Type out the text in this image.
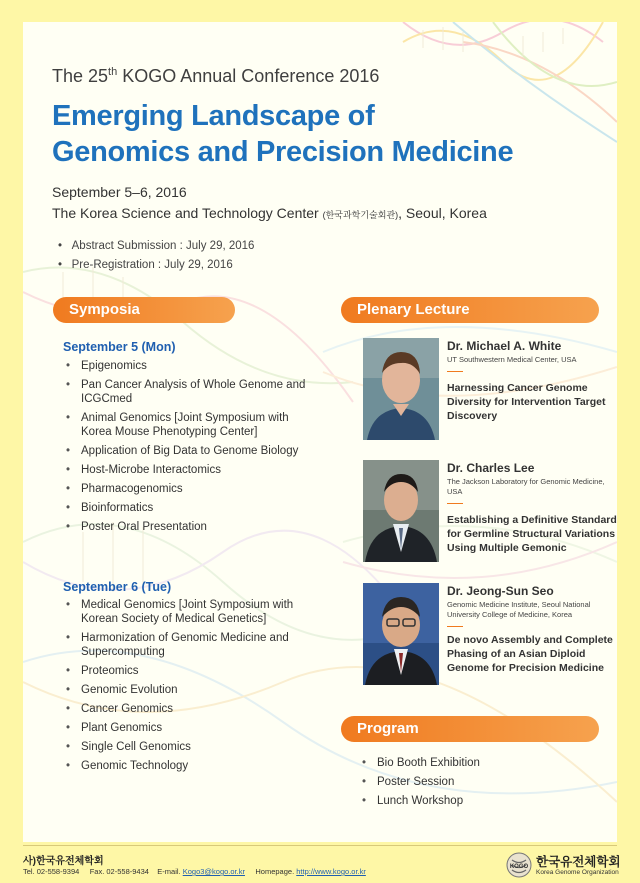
The 25th KOGO Annual Conference 2016
Emerging Landscape of
Genomics and Precision Medicine
September 5–6, 2016
The Korea Science and Technology Center (한국과학기술회관), Seoul, Korea
•   Abstract Submission : July 29, 2016
•   Pre-Registration : July 29, 2016
Symposia
September 5 (Mon)
• Epigenomics
• Pan Cancer Analysis of Whole Genome and ICGCmed
• Animal Genomics [Joint Symposium with Korea Mouse Phenotyping Center]
• Application of Big Data to Genome Biology
• Host-Microbe Interactomics
• Pharmacogenomics
• Bioinformatics
• Poster Oral Presentation
September 6 (Tue)
• Medical Genomics [Joint Symposium with Korean Society of Medical Genetics]
• Harmonization of Genomic Medicine and Supercomputing
• Proteomics
• Genomic Evolution
• Cancer Genomics
• Plant Genomics
• Single Cell Genomics
• Genomic Technology
Plenary Lecture
Dr. Michael A. White
UT Southwestern Medical Center, USA
Harnessing Cancer Genome Diversity for Intervention Target Discovery
Dr. Charles Lee
The Jackson Laboratory for Genomic Medicine, USA
Establishing a Definitive Standard for Germline Structural Variations Using Multiple Gemonic
Dr. Jeong-Sun Seo
Genomic Medicine Institute, Seoul National University College of Medicine, Korea
De novo Assembly and Complete Phasing of an Asian Diploid Genome for Precision Medicine
Program
• Bio Booth Exhibition
• Poster Session
• Lunch Workshop
사)한국유전체학회
Tel. 02-558-9394 Fax. 02-558-9434 E-mail. Kogo3@kogo.or.kr Homepage. http://www.kogo.or.kr	KOGO 한국유전체학회
Korea Genome Organization
